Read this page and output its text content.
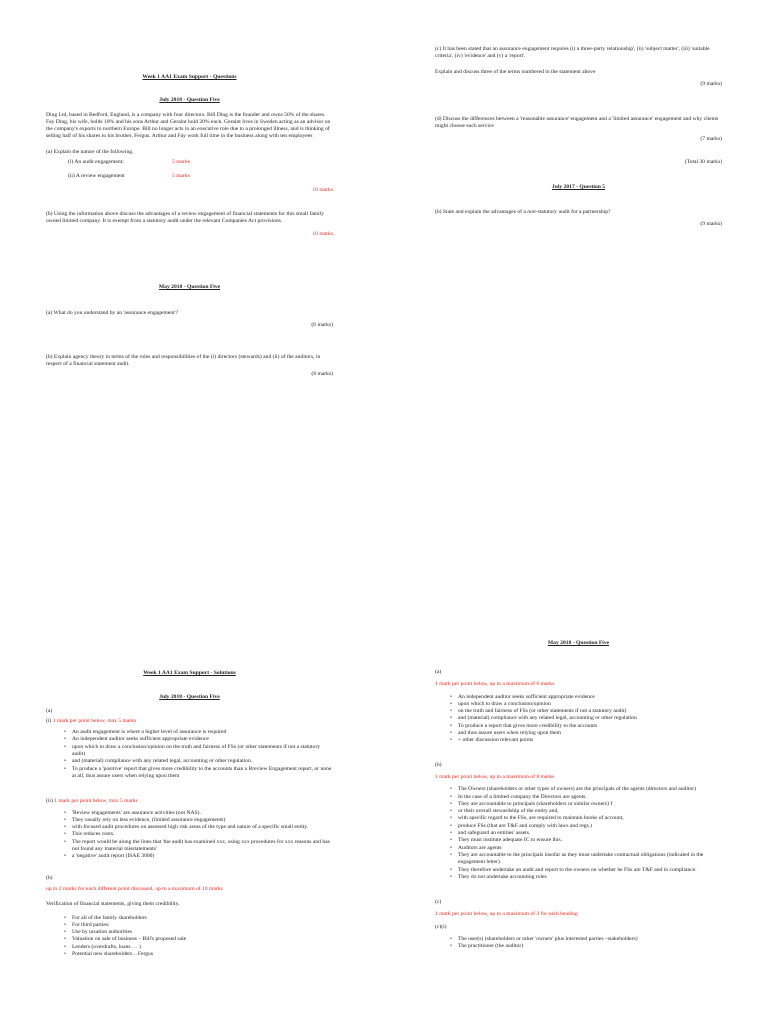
Week 1 AA1 Exam Support - Questions

July 2018 - Question Five

Ding Ltd, based in Bedford, England, is a company with four directors. Bill Ding is the founder and owns 50% of the shares. Fay Ding, his wife, holds 10% and his sons Arthur and Geraint hold 20% each. Geraint lives in Sweden acting as an advisor on the company's exports to northern Europe. Bill no longer acts in an executive role due to a prolonged illness, and is thinking of selling half of his shares to his brother, Fergus. Arthur and Fay work full time in the business along with ten employees

(a) Explain the nature of the following.

(i) An audit engagement;	5 marks
(ii) A review engagement	5 marks

10 marks

(b) Using the information above discuss the advantages of a review engagement of financial statements for this small family owned limited company. It is exempt from a statutory audit under the relevant Companies Act provisions.

10 marks

May 2018 - Question Five

(a) What do you understand by an 'assurance engagement'?

(6 marks)

(b) Explain agency theory in terms of the roles and responsibilities of the (i) directors (stewards) and (ii) of the auditors, in respect of a financial statement audit.

(8 marks)

(c) It has been stated that an assurance engagement requires (i) a three-party relationship', (ii) 'subject matter', (iii) 'suitable criteria', (iv) 'evidence' and (v) a 'report'.

Explain and discuss three of the terms numbered in the statement above

(9 marks)

(d) Discuss the differences between a 'reasonable assurance' engagement and a 'limited assurance' engagement and why clients might choose each service

(7 marks)

(Total 30 marks)

July 2017 - Question 5

(b) State and explain the advantages of a non-statutory audit for a partnership?

(9 marks)

May 2018 - Question Five

Week 1 AA1 Exam Support - Solutions

July 2018 - Question Five

(a)

(i) 1 mark per point below, max 5 marks

• An audit engagement is where a higher level of assurance is required
• An independent auditor seeks sufficient appropriate evidence
• upon which to draw a conclusion/opinion on the truth and fairness of FSs (or other statements if not a statutory audit)
• and (material) compliance with any related legal, accounting or other regulation.
• To produce a 'positive' report that gives more credibility to the accounts than a Rreview Engagement report, or none at all, thus assure users when relying upon them

(ii) 1 mark per point below, max 5 marks

• 'Review engagements' are assurance activities (not NAS).
• They usually rely on less evidence, (limited assurance engagements)
• with focused audit procedures on assessed high risk areas of the type and nature of a specific small entity.
• This reduces costs.
• The report would be along the lines that 'the audit has examined xxx, using xxx procedures for xxx reasons and has not found any material misstatements'
• a 'negative' audit report (ISAE 3000)

(b)

up to 2 marks for each different point discussed, up to a maximum of 10 marks

Verification of financial statements, giving them credibility.

• For all of the family shareholders
• For third parties:
• Use by taxation authorities
• Valuation on sale of business – Bill's proposed sale
• Lenders (overdrafts, loans … )
• Potential new shareholders…Fergus

(a)

1 mark per point below, up to a maximum of 6 marks

• An independent auditor seeks sufficient appropriate evidence
• upon which to draw a conclusion/opinion
• on the truth and fairness of FSs (or other statements if not a statutory audit)
• and (material) compliance with any related legal, accounting or other regulation
• To produce a report that gives more credibility to the accounts
• and thus assure users when relying upon them
• + other discussion relevant points

(b)

1 mark per point below, up to a maximum of 8 marks

• The Owners (shareholders or other types of owners) are the principals of the agents (directors and auditor)
• In the case of a limited company the Directors are agents.
• They are accountable to principals (shareholders or similar owners) f
• or their overall stewardship of the entity and,
• with specific regard to the FSs, are required to maintain books of account,
• produce FSs (that are T&F and comply with laws and regs.)
• and safeguard an entities' assets.
• They must institute adequate IC to ensure this.
• Auditors are agents
• They are accountable to the principals insofar as they must undertake contractual obligations (indicated in the engagement letter).
• They therefore undertake an audit and report to the owners on whether he FSs are T&F and in compliance.
• They do not undertake accounting roles

(c)

1 mark per point below, up to a maximum of 3 for each heading

(c)(i)

• The user(s) (shareholders or other 'owners' plus interested parties –stakeholders)
• The practitioner (the auditor)
